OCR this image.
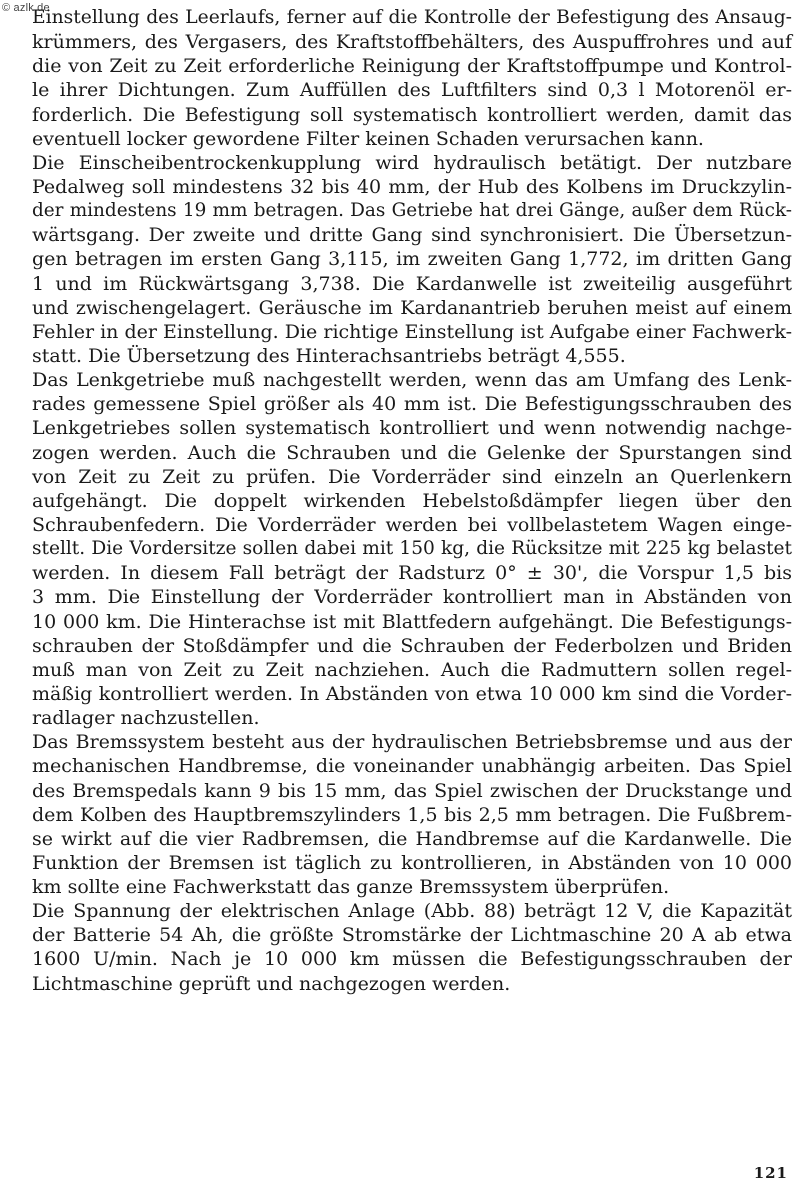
© azlk.de
Einstellung des Leerlaufs, ferner auf die Kontrolle der Befestigung des Ansaug-
krümmers, des Vergasers, des Kraftstoffbehälters, des Auspuffrohres und auf
die von Zeit zu Zeit erforderliche Reinigung der Kraftstoffpumpe und Kontrol-
le ihrer Dichtungen. Zum Auffüllen des Luftfilters sind 0,3 l Motorenöl er-
forderlich. Die Befestigung soll systematisch kontrolliert werden, damit das
eventuell locker gewordene Filter keinen Schaden verursachen kann.
Die Einscheibentrockenkupplung wird hydraulisch betätigt. Der nutzbare
Pedalweg soll mindestens 32 bis 40 mm, der Hub des Kolbens im Druckzylin-
der mindestens 19 mm betragen. Das Getriebe hat drei Gänge, außer dem Rück-
wärtsgang. Der zweite und dritte Gang sind synchronisiert. Die Übersetzun-
gen betragen im ersten Gang 3,115, im zweiten Gang 1,772, im dritten Gang
1 und im Rückwärtsgang 3,738. Die Kardanwelle ist zweiteilig ausgeführt
und zwischengelagert. Geräusche im Kardanantrieb beruhen meist auf einem
Fehler in der Einstellung. Die richtige Einstellung ist Aufgabe einer Fachwerk-
statt. Die Übersetzung des Hinterachsantriebs beträgt 4,555.
Das Lenkgetriebe muß nachgestellt werden, wenn das am Umfang des Lenk-
rades gemessene Spiel größer als 40 mm ist. Die Befestigungsschrauben des
Lenkgetriebes sollen systematisch kontrolliert und wenn notwendig nachge-
zogen werden. Auch die Schrauben und die Gelenke der Spurstangen sind
von Zeit zu Zeit zu prüfen. Die Vorderräder sind einzeln an Querlenkern
aufgehängt. Die doppelt wirkenden Hebelstoßdämpfer liegen über den
Schraubenfedern. Die Vorderräder werden bei vollbelastetem Wagen einge-
stellt. Die Vordersitze sollen dabei mit 150 kg, die Rücksitze mit 225 kg belastet
werden. In diesem Fall beträgt der Radsturz 0° ± 30', die Vorspur 1,5 bis
3 mm. Die Einstellung der Vorderräder kontrolliert man in Abständen von
10 000 km. Die Hinterachse ist mit Blattfedern aufgehängt. Die Befestigungs-
schrauben der Stoßdämpfer und die Schrauben der Federbolzen und Briden
muß man von Zeit zu Zeit nachziehen. Auch die Radmuttern sollen regel-
mäßig kontrolliert werden. In Abständen von etwa 10 000 km sind die Vorder-
radlager nachzustellen.
Das Bremssystem besteht aus der hydraulischen Betriebsbremse und aus der
mechanischen Handbremse, die voneinander unabhängig arbeiten. Das Spiel
des Bremspedals kann 9 bis 15 mm, das Spiel zwischen der Druckstange und
dem Kolben des Hauptbremszylinders 1,5 bis 2,5 mm betragen. Die Fußbrem-
se wirkt auf die vier Radbremsen, die Handbremse auf die Kardanwelle. Die
Funktion der Bremsen ist täglich zu kontrollieren, in Abständen von 10 000
km sollte eine Fachwerkstatt das ganze Bremssystem überprüfen.
Die Spannung der elektrischen Anlage (Abb. 88) beträgt 12 V, die Kapazität
der Batterie 54 Ah, die größte Stromstärke der Lichtmaschine 20 A ab etwa
1600 U/min. Nach je 10 000 km müssen die Befestigungsschrauben der
Lichtmaschine geprüft und nachgezogen werden.
121
